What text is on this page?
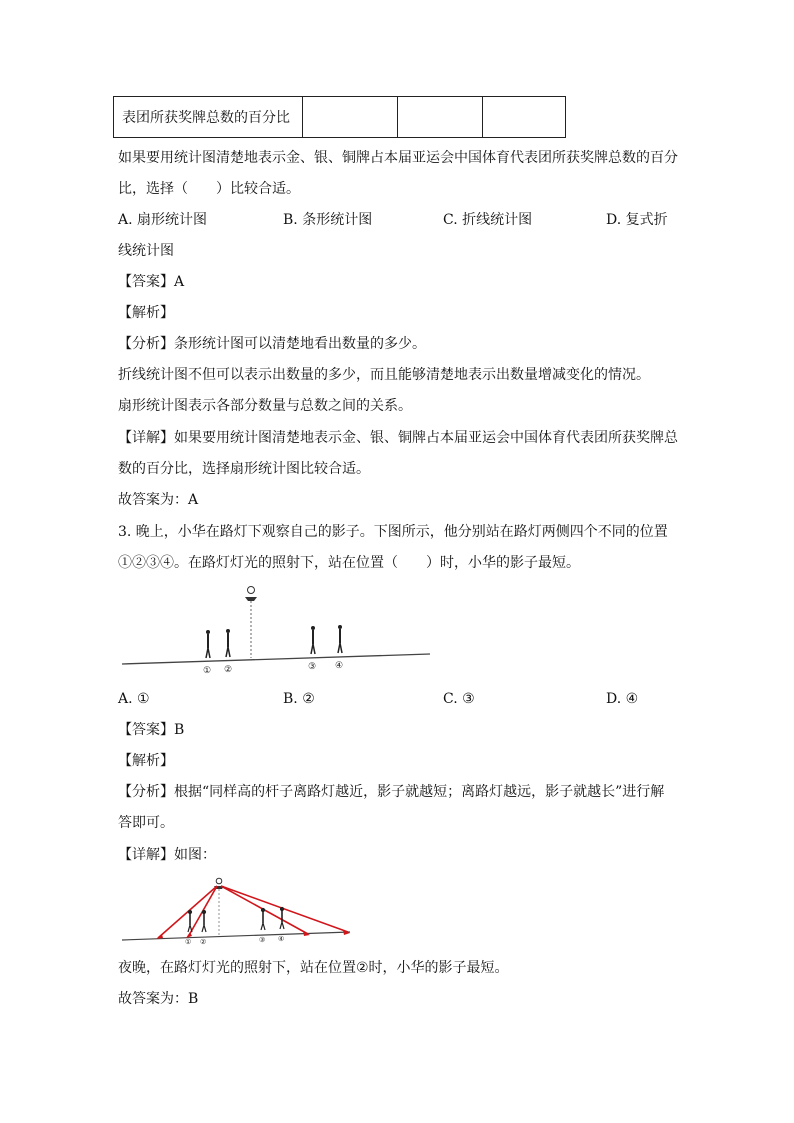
表团所获奖牌总数的百分比			
如果要用统计图清楚地表示金、银、铜牌占本届亚运会中国体育代表团所获奖牌总数的百分
比，选择（　　）比较合适。
A. 扇形统计图	B. 条形统计图	C. 折线统计图	D. 复式折
线统计图
【答案】A
【解析】
【分析】条形统计图可以清楚地看出数量的多少。
折线统计图不但可以表示出数量的多少，而且能够清楚地表示出数量增减变化的情况。
扇形统计图表示各部分数量与总数之间的关系。
【详解】如果要用统计图清楚地表示金、银、铜牌占本届亚运会中国体育代表团所获奖牌总
数的百分比，选择扇形统计图比较合适。
故答案为：A
3. 晚上，小华在路灯下观察自己的影子。下图所示，他分别站在路灯两侧四个不同的位置
①②③④。在路灯灯光的照射下，站在位置（　　）时，小华的影子最短。
① ②	③ ④
A. ①	B. ②	C. ③	D. ④
【答案】B
【解析】
【分析】根据“同样高的杆子离路灯越近，影子就越短；离路灯越远，影子就越长”进行解
答即可。
【详解】如图：
① ②	③ ④
夜晚，在路灯灯光的照射下，站在位置②时，小华的影子最短。
故答案为：B
